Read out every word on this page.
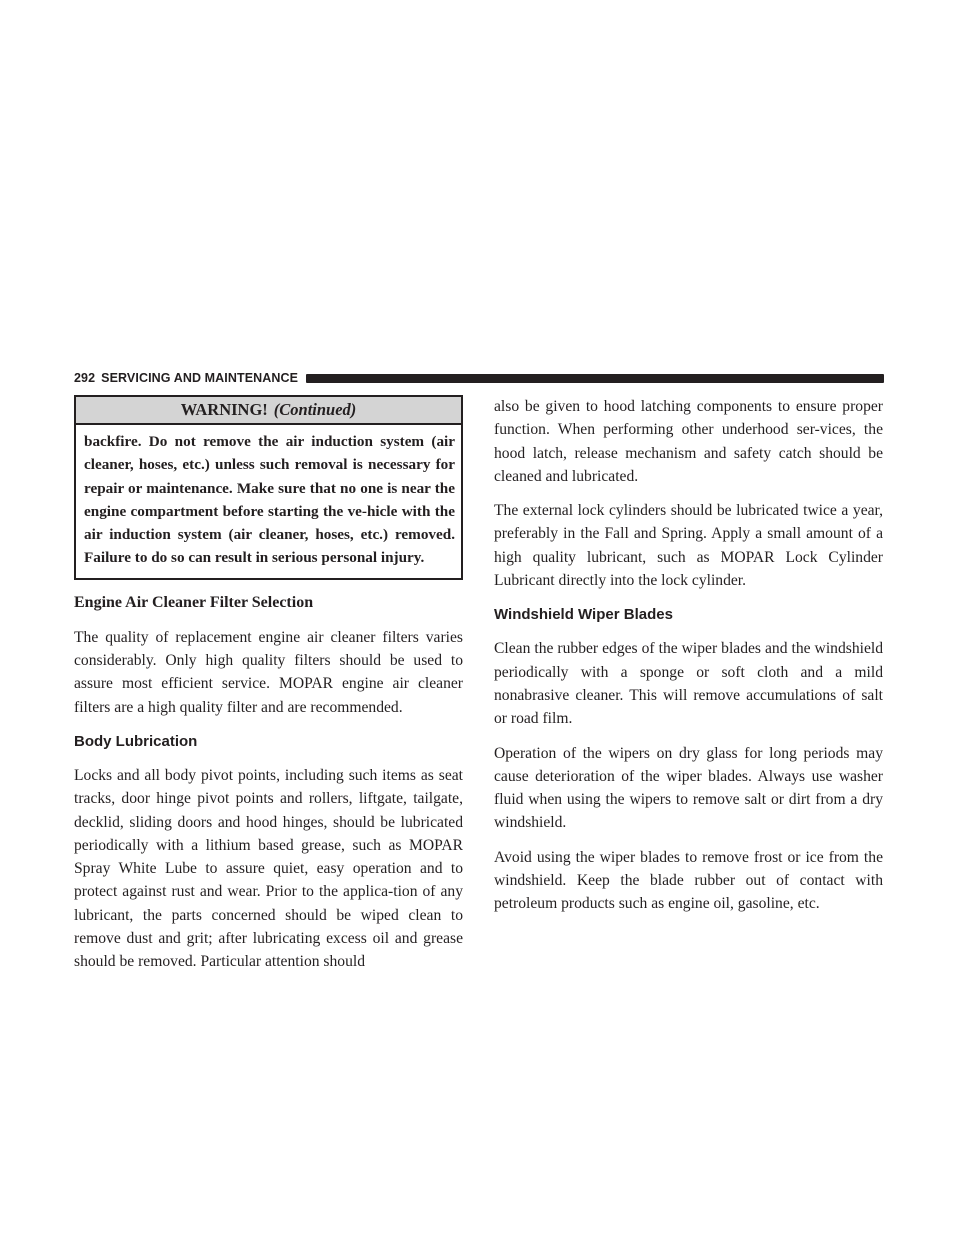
292 SERVICING AND MAINTENANCE
WARNING! (Continued)
backfire. Do not remove the air induction system (air cleaner, hoses, etc.) unless such removal is necessary for repair or maintenance. Make sure that no one is near the engine compartment before starting the ve-hicle with the air induction system (air cleaner, hoses, etc.) removed. Failure to do so can result in serious personal injury.
Engine Air Cleaner Filter Selection

The quality of replacement engine air cleaner filters varies considerably. Only high quality filters should be used to assure most efficient service. MOPAR engine air cleaner filters are a high quality filter and are recommended.

Body Lubrication

Locks and all body pivot points, including such items as seat tracks, door hinge pivot points and rollers, liftgate, tailgate, decklid, sliding doors and hood hinges, should be lubricated periodically with a lithium based grease, such as MOPAR Spray White Lube to assure quiet, easy operation and to protect against rust and wear. Prior to the applica-tion of any lubricant, the parts concerned should be wiped clean to remove dust and grit; after lubricating excess oil and grease should be removed. Particular attention should

also be given to hood latching components to ensure proper function. When performing other underhood ser-vices, the hood latch, release mechanism and safety catch should be cleaned and lubricated.

The external lock cylinders should be lubricated twice a year, preferably in the Fall and Spring. Apply a small amount of a high quality lubricant, such as MOPAR Lock Cylinder Lubricant directly into the lock cylinder.

Windshield Wiper Blades

Clean the rubber edges of the wiper blades and the windshield periodically with a sponge or soft cloth and a mild nonabrasive cleaner. This will remove accumulations of salt or road film.

Operation of the wipers on dry glass for long periods may cause deterioration of the wiper blades. Always use washer fluid when using the wipers to remove salt or dirt from a dry windshield.

Avoid using the wiper blades to remove frost or ice from the windshield. Keep the blade rubber out of contact with petroleum products such as engine oil, gasoline, etc.
